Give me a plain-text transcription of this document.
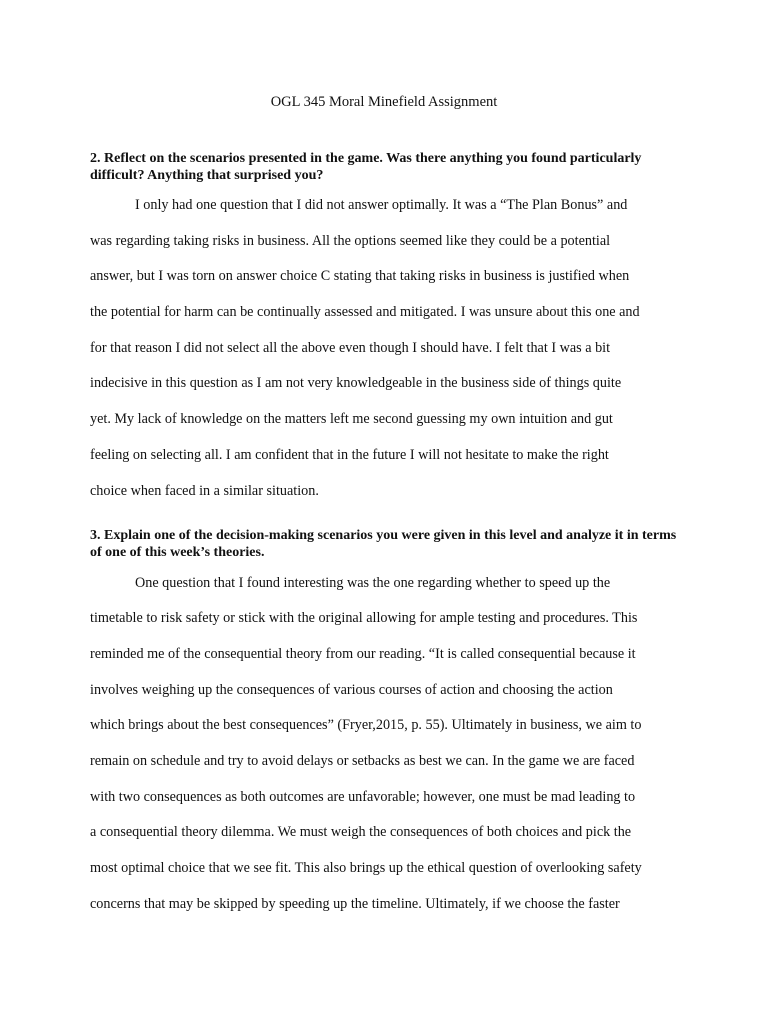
OGL 345 Moral Minefield Assignment
2. Reflect on the scenarios presented in the game. Was there anything you found particularly difficult? Anything that surprised you?
I only had one question that I did not answer optimally. It was a “The Plan Bonus” and
was regarding taking risks in business. All the options seemed like they could be a potential
answer, but I was torn on answer choice C stating that taking risks in business is justified when
the potential for harm can be continually assessed and mitigated. I was unsure about this one and
for that reason I did not select all the above even though I should have. I felt that I was a bit
indecisive in this question as I am not very knowledgeable in the business side of things quite
yet. My lack of knowledge on the matters left me second guessing my own intuition and gut
feeling on selecting all. I am confident that in the future I will not hesitate to make the right
choice when faced in a similar situation.
3. Explain one of the decision-making scenarios you were given in this level and analyze it in terms of one of this week’s theories.
One question that I found interesting was the one regarding whether to speed up the
timetable to risk safety or stick with the original allowing for ample testing and procedures. This
reminded me of the consequential theory from our reading. “It is called consequential because it
involves weighing up the consequences of various courses of action and choosing the action
which brings about the best consequences” (Fryer,2015, p. 55). Ultimately in business, we aim to
remain on schedule and try to avoid delays or setbacks as best we can. In the game we are faced
with two consequences as both outcomes are unfavorable; however, one must be mad leading to
a consequential theory dilemma. We must weigh the consequences of both choices and pick the
most optimal choice that we see fit. This also brings up the ethical question of overlooking safety
concerns that may be skipped by speeding up the timeline. Ultimately, if we choose the faster
